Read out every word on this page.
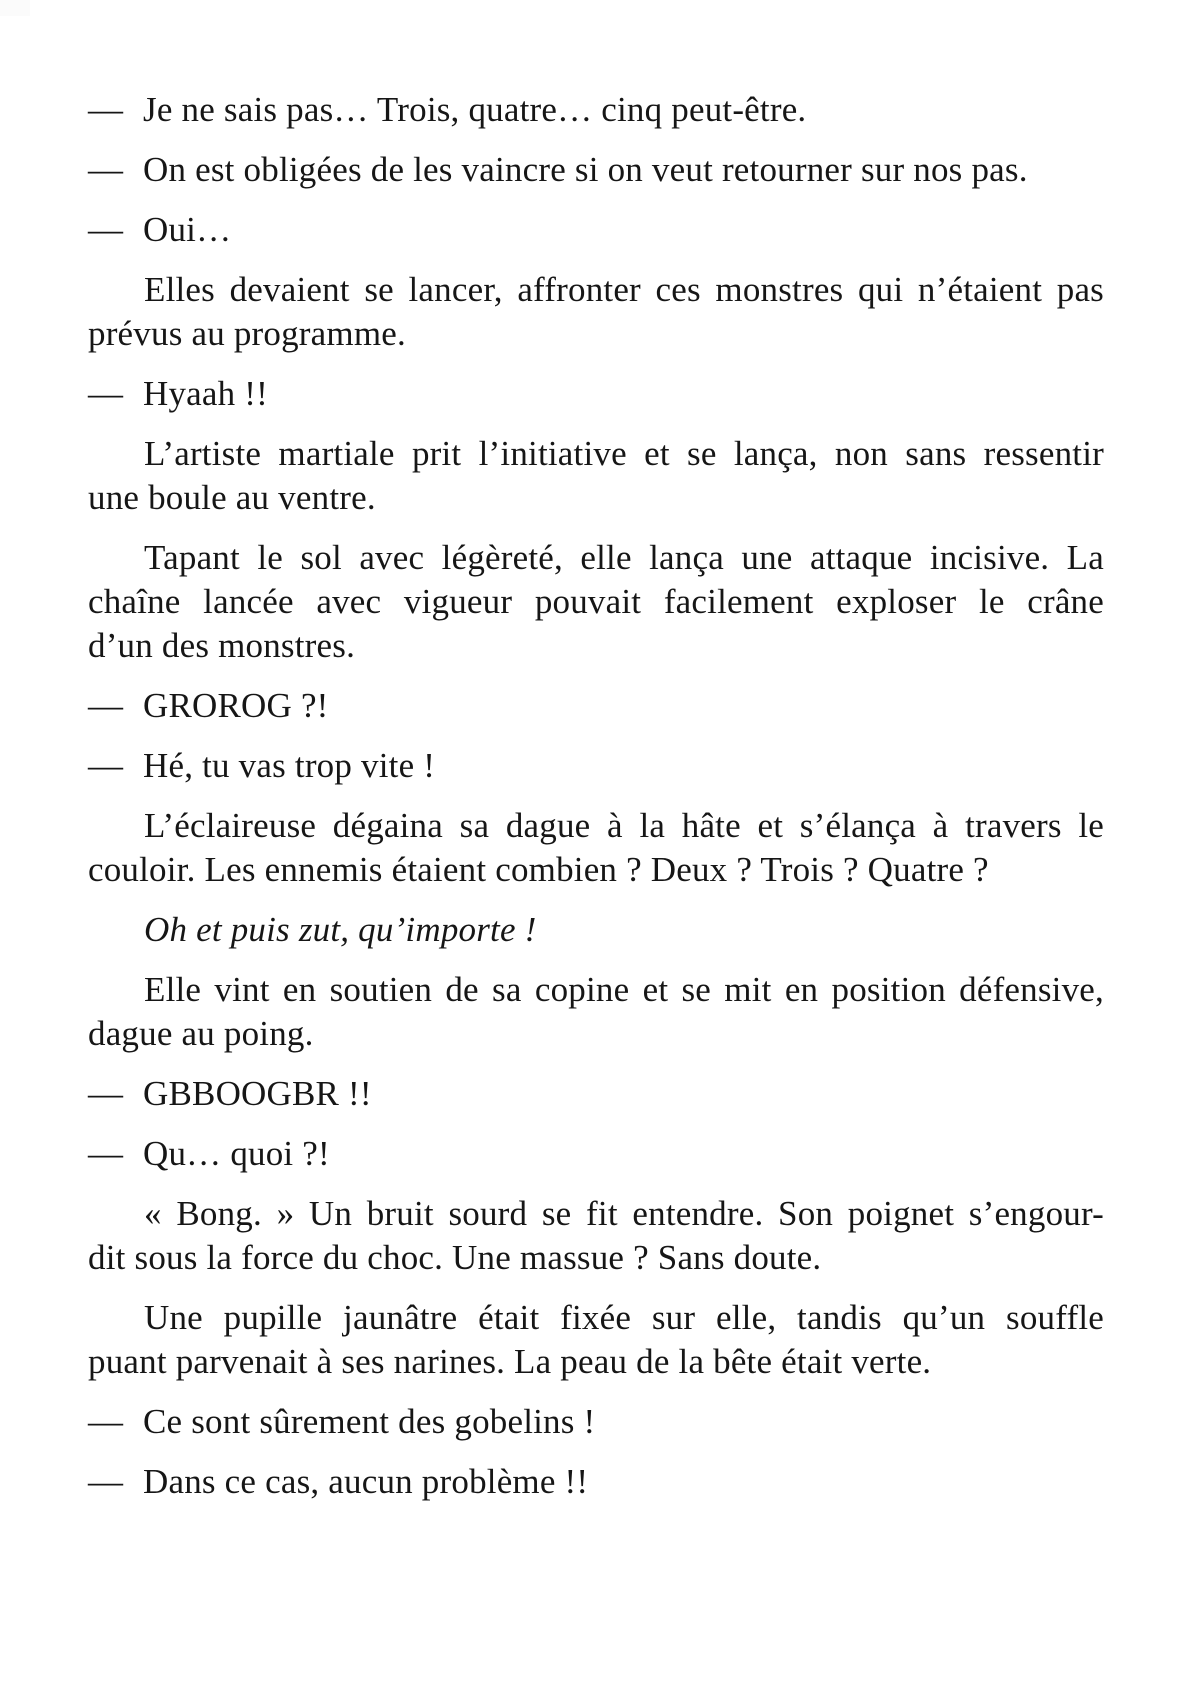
— Je ne sais pas… Trois, quatre… cinq peut-être.
— On est obligées de les vaincre si on veut retourner sur nos pas.
— Oui…
Elles devaient se lancer, affronter ces monstres qui n’étaient pas
prévus au programme.
— Hyaah !!
L’artiste martiale prit l’initiative et se lança, non sans ressentir
une boule au ventre.
Tapant le sol avec légèreté, elle lança une attaque incisive. La
chaîne lancée avec vigueur pouvait facilement exploser le crâne
d’un des monstres.
— GROROG ?!
— Hé, tu vas trop vite !
L’éclaireuse dégaina sa dague à la hâte et s’élança à travers le
couloir. Les ennemis étaient combien ? Deux ? Trois ? Quatre ?
Oh et puis zut, qu’importe !
Elle vint en soutien de sa copine et se mit en position défensive,
dague au poing.
— GBBOOGBR !!
— Qu… quoi ?!
« Bong. » Un bruit sourd se fit entendre. Son poignet s’engour-
dit sous la force du choc. Une massue ? Sans doute.
Une pupille jaunâtre était fixée sur elle, tandis qu’un souffle
puant parvenait à ses narines. La peau de la bête était verte.
— Ce sont sûrement des gobelins !
— Dans ce cas, aucun problème !!
